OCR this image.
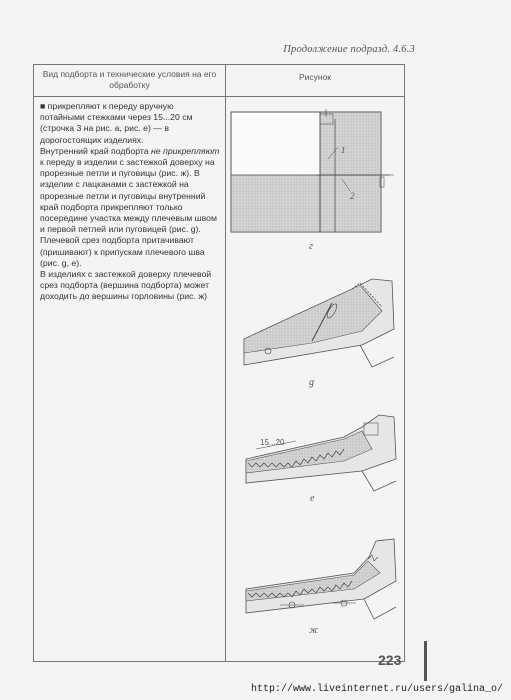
Продолжение подразд. 4.6.3
Вид подборта и технические условия на его обработку
Рисунок

■ прикрепляют к переду вручную потайными стежками через 15...20 см (строчка 3 на рис. а, рис. е) — в дорогостоящих изделиях.

Внутренний край подборта не прикрепляют к переду в изделии с застежкой доверху на прорезные петли и пуговицы (рис. ж). В изделии с лацканами с застежкой на прорезные петли и пуговицы внутренний край подборта прикрепляют только посередине участка между плечевым швом и первой петлей или пуговицей (рис. g).

Плечевой срез подборта притачивают (пришивают) к припускам плечевого шва (рис. g, е).

В изделиях с застежкой доверху плечевой срез подборта (вершина подборта) может доходить до вершины горловины (рис. ж)

1
2
г
g
15...20
е
ж
223
http://www.liveinternet.ru/users/galina_o/
